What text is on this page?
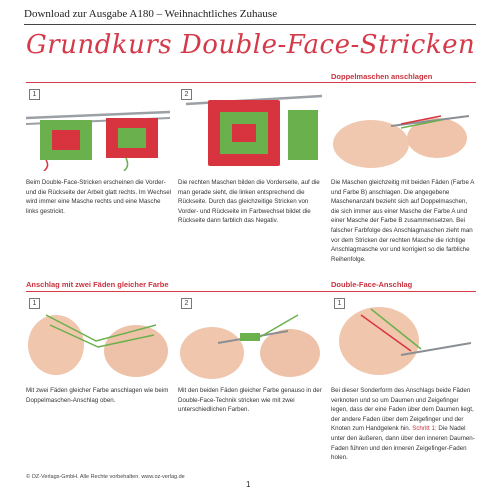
Download zur Ausgabe A180 – Weihnachtliches Zuhause
Grundkurs Double-Face-Stricken
Doppelmaschen anschlagen
1	2
Beim Double-Face-Stricken erscheinen die Vorder- und die Rückseite der Arbeit glatt rechts. Im Wechsel wird immer eine Masche rechts und eine Masche links gestrickt.
Die rechten Maschen bilden die Vorderseite, auf die man gerade sieht, die linken entsprechend die Rückseite. Durch das gleichzeitige Stricken von Vorder- und Rückseite im Farbwechsel bildet die Rückseite dann farblich das Negativ.
Die Maschen gleichzeitig mit beiden Fäden (Farbe A und Farbe B) anschlagen. Die angegebene Maschenanzahl bezieht sich auf Doppelmaschen, die sich immer aus einer Masche der Farbe A und einer Masche der Farbe B zusammensetzen. Bei falscher Farbfolge des Anschlagmaschen zieht man vor dem Stricken der rechten Masche die richtige Anschlagmasche vor und korrigiert so die farbliche Reihenfolge.
Anschlag mit zwei Fäden gleicher Farbe	Double-Face-Anschlag
1	2	1
Mit zwei Fäden gleicher Farbe anschlagen wie beim Doppelmaschen-Anschlag oben.
Mit den beiden Fäden gleicher Farbe genauso in der Double-Face-Technik stricken wie mit zwei unterschiedlichen Farben.
Bei dieser Sonderform des Anschlags beide Fäden verknoten und so um Daumen und Zeigefinger legen, dass der eine Faden über dem Daumen liegt, der andere Faden über dem Zeigefinger und der Knoten zum Handgelenk hin. Schritt 1: Die Nadel unter den äußeren, dann über den inneren Daumen-Faden führen und den inneren Zeigefinger-Faden holen.
© OZ-Verlags-GmbH. Alle Rechte vorbehalten. www.oz-verlag.de
1
